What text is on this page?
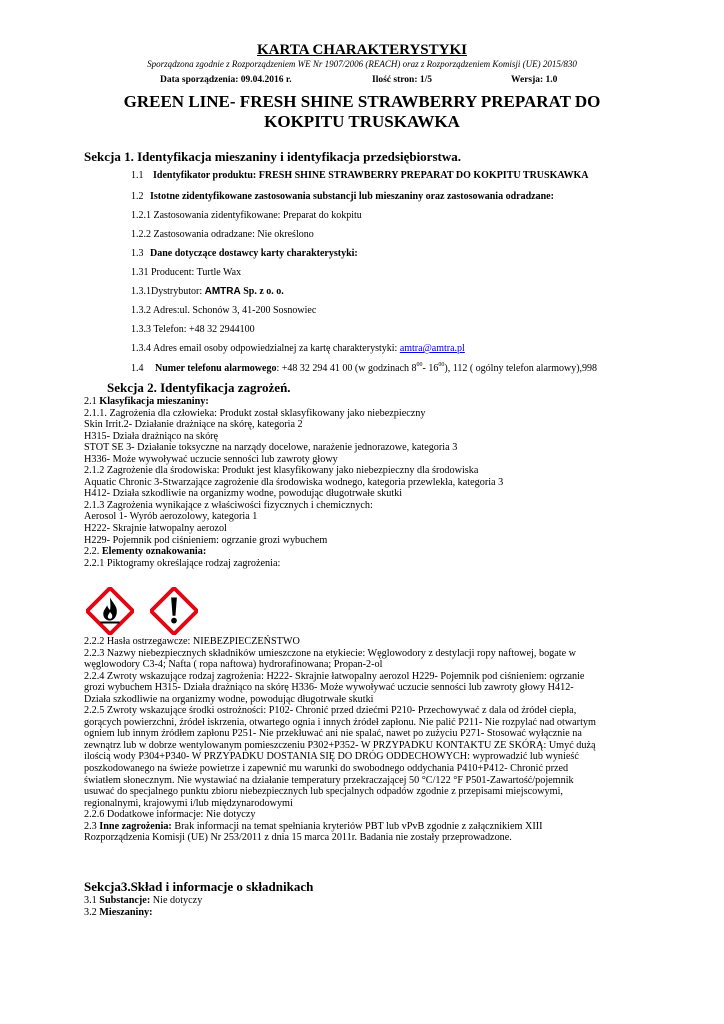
KARTA CHARAKTERYSTYKI
Sporządzona zgodnie z Rozporządzeniem WE Nr 1907/2006 (REACH) oraz z Rozporządzeniem Komisji (UE) 2015/830
Data sporządzenia: 09.04.2016 r.	Ilość stron: 1/5	Wersja: 1.0
GREEN LINE- FRESH SHINE STRAWBERRY PREPARAT DO
KOKPITU TRUSKAWKA
Sekcja 1. Identyfikacja mieszaniny i identyfikacja przedsiębiorstwa.
1.1 Identyfikator produktu: FRESH SHINE STRAWBERRY PREPARAT DO KOKPITU TRUSKAWKA
1.2 Istotne zidentyfikowane zastosowania substancji lub mieszaniny oraz zastosowania odradzane:
1.2.1 Zastosowania zidentyfikowane: Preparat do kokpitu
1.2.2 Zastosowania odradzane: Nie określono
1.3 Dane dotyczące dostawcy karty charakterystyki:
1.31 Producent: Turtle Wax
1.3.1Dystrybutor: AMTRA Sp. z o. o.
1.3.2 Adres:ul. Schonów 3, 41-200 Sosnowiec
1.3.3 Telefon: +48 32 2944100
1.3.4 Adres email osoby odpowiedzialnej za kartę charakterystyki: amtra@amtra.pl
1.4 Numer telefonu alarmowego: +48 32 294 41 00 (w godzinach $8^{00}-$ $16^{00}$), 112 ( ogólny telefon alarmowy),998
Sekcja 2. Identyfikacja zagrożeń.
2.1 Klasyfikacja mieszaniny:
2.1.1. Zagrożenia dla człowieka: Produkt został sklasyfikowany jako niebezpieczny
Skin Irrit.2- Działanie drażniące na skórę, kategoria 2
H315- Działa drażniąco na skórę
STOT SE 3- Działanie toksyczne na narządy docelowe, narażenie jednorazowe, kategoria 3
H336- Może wywoływać uczucie senności lub zawroty głowy
2.1.2 Zagrożenie dla środowiska: Produkt jest klasyfikowany jako niebezpieczny dla środowiska
Aquatic Chronic 3-Stwarzające zagrożenie dla środowiska wodnego, kategoria przewlekła, kategoria 3
H412- Działa szkodliwie na organizmy wodne, powodując długotrwałe skutki
2.1.3 Zagrożenia wynikające z właściwości fizycznych i chemicznych:
Aerosol 1- Wyrób aerozolowy, kategoria 1
H222- Skrajnie łatwopalny aerozol
H229- Pojemnik pod ciśnieniem: ogrzanie grozi wybuchem
2.2. Elementy oznakowania:
2.2.1 Piktogramy określające rodzaj zagrożenia:
2.2.2 Hasła ostrzegawcze: NIEBEZPIECZEŃSTWO
2.2.3 Nazwy niebezpiecznych składników umieszczone na etykiecie: Węglowodory z destylacji ropy naftowej, bogate w
węglowodory C3-4; Nafta ( ropa naftowa) hydrorafinowana; Propan-2-ol
2.2.4 Zwroty wskazujące rodzaj zagrożenia: H222- Skrajnie łatwopalny aerozol H229- Pojemnik pod ciśnieniem: ogrzanie
grozi wybuchem H315- Działa drażniąco na skórę H336- Może wywoływać uczucie senności lub zawroty głowy H412-
Działa szkodliwie na organizmy wodne, powodując długotrwałe skutki
2.2.5 Zwroty wskazujące środki ostrożności: P102- Chronić przed dziećmi P210- Przechowywać z dala od źródeł ciepła,
gorących powierzchni, źródeł iskrzenia, otwartego ognia i innych źródeł zapłonu. Nie palić P211- Nie rozpylać nad otwartym
ogniem lub innym źródłem zapłonu P251- Nie przekłuwać ani nie spalać, nawet po zużyciu P271- Stosować wyłącznie na
zewnątrz lub w dobrze wentylowanym pomieszczeniu P302+P352- W PRZYPADKU KONTAKTU ZE SKÓRĄ: Umyć dużą
ilością wody P304+P340- W PRZYPADKU DOSTANIA SIĘ DO DRÓG ODDECHOWYCH: wyprowadzić lub wynieść
poszkodowanego na świeże powietrze i zapewnić mu warunki do swobodnego oddychania P410+P412- Chronić przed
światłem słonecznym. Nie wystawiać na działanie temperatury przekraczającej 50 °C/122 °F P501-Zawartość/pojemnik
usuwać do specjalnego punktu zbioru niebezpiecznych lub specjalnych odpadów zgodnie z przepisami miejscowymi,
regionalnymi, krajowymi i/lub międzynarodowymi
2.2.6 Dodatkowe informacje: Nie dotyczy
2.3 Inne zagrożenia: Brak informacji na temat spełniania kryteriów PBT lub vPvB zgodnie z załącznikiem XIII
Rozporządzenia Komisji (UE) Nr 253/2011 z dnia 15 marca 2011r. Badania nie zostały przeprowadzone.
Sekcja3.Skład i informacje o składnikach
3.1 Substancje: Nie dotyczy
3.2 Mieszaniny:
